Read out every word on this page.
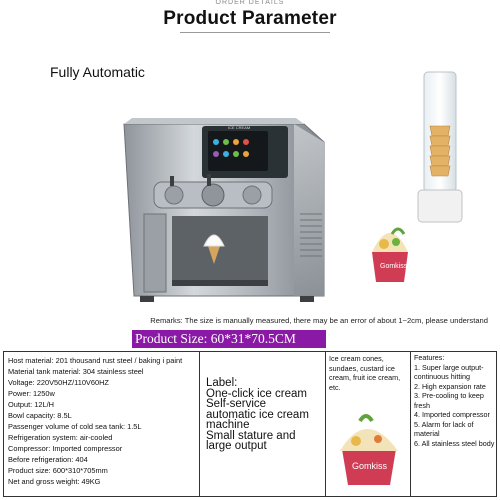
ORDER DETAILS
Product Parameter
ICE CREAM
Gomkiss
Fully Automatic
Remarks: The size is manually measured, there may be an error of about 1~2cm, please understand
Product Size: 60*31*70.5CM
Host material: 201 thousand rust steel / baking i paint
Material tank material: 304 stainless steel
Voltage: 220V50HZ/110V60HZ
Power: 1250w
Output: 12L/H
Bowl capacity: 8.5L
Passenger volume of cold sea tank: 1.5L
Refrigeration system: air-cooled
Compressor: Imported compressor
Before refrigeration: 404
Product size: 600*310*705mm
Net and gross weight: 49KG
Label:
One-click ice cream
Self-service
automatic ice cream
machine
Small stature and
large output
Ice cream cones, sundaes, custard ice cream, fruit ice cream, etc.
Gomkiss
Features:
1. Super large output-continuous hitting
2. High expansion rate
3. Pre-cooling to keep fresh
4. Imported compressor
5. Alarm for lack of material
6. All stainless steel body
